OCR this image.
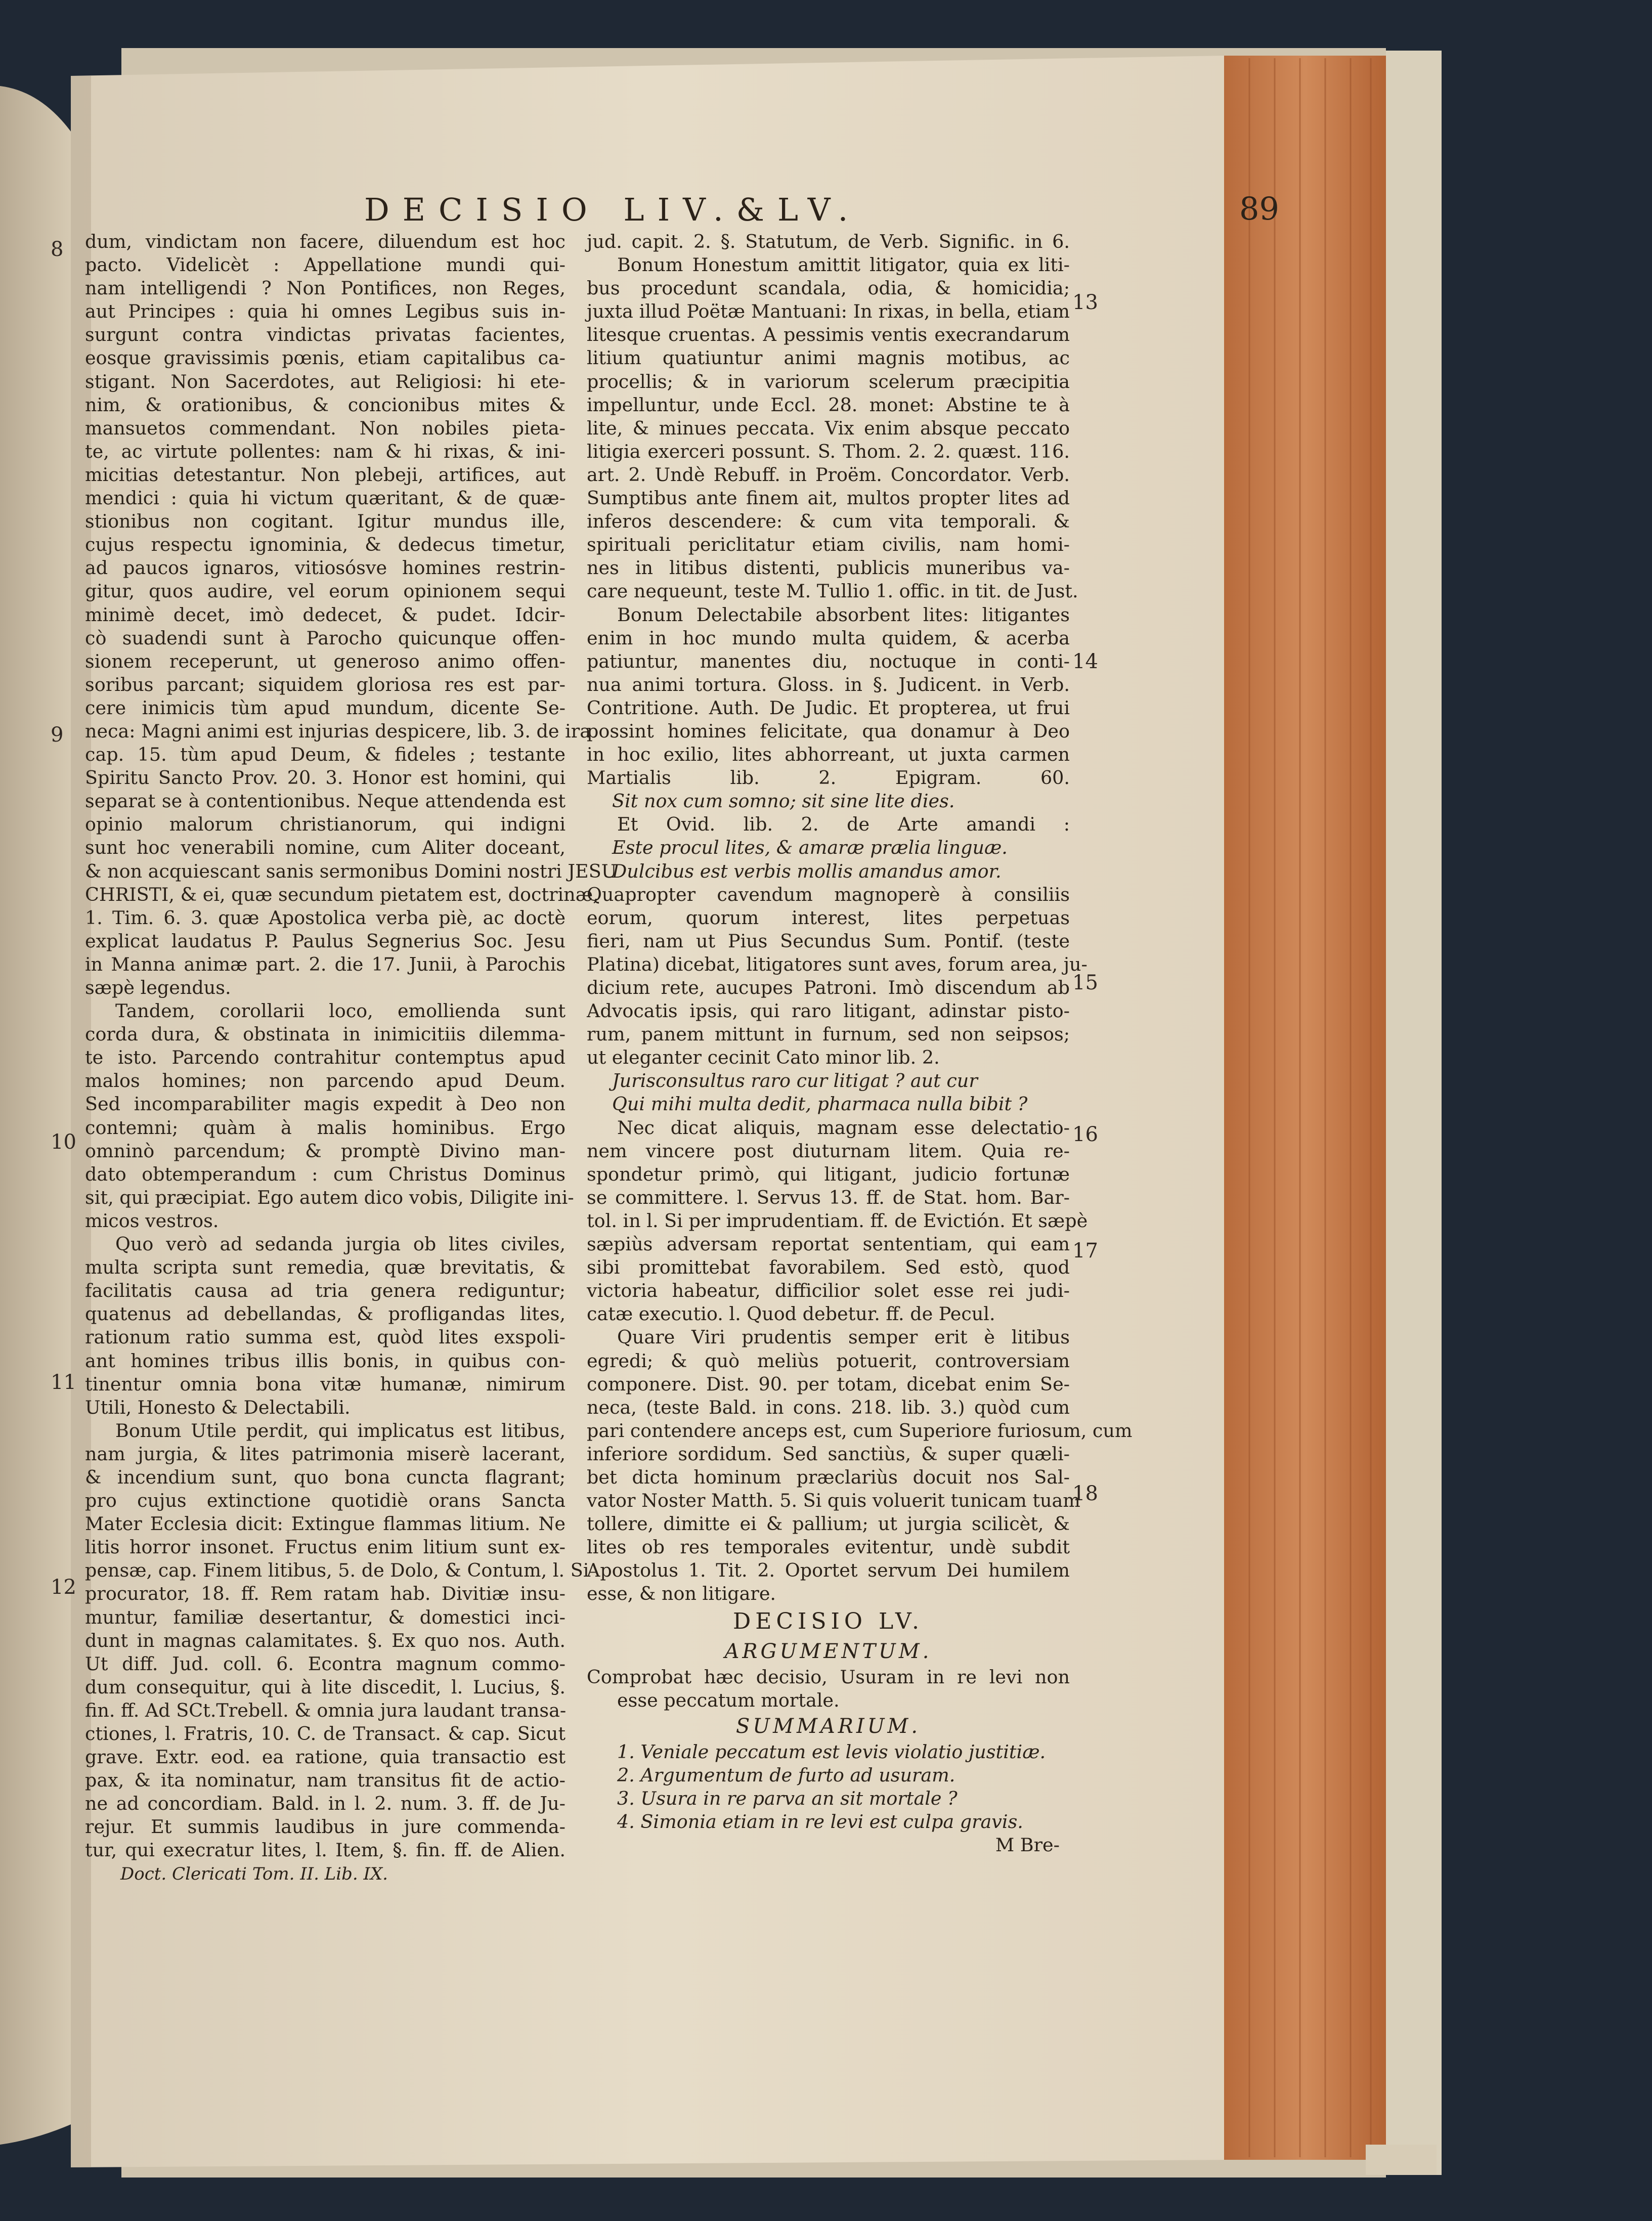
DECISIO LIV.&LV.	89
dum, vindictam non facere, diluendum est hoc
pacto. Videlicèt : Appellatione mundi qui-
nam intelligendi ? Non Pontifices, non Reges,
aut Principes : quia hi omnes Legibus suis in-
surgunt contra vindictas privatas facientes,
eosque gravissimis pœnis, etiam capitalibus ca-
stigant. Non Sacerdotes, aut Religiosi: hi ete-
nim, & orationibus, & concionibus mites &
mansuetos commendant. Non nobiles pieta-
te, ac virtute pollentes: nam & hi rixas, & ini-
micitias detestantur. Non plebeji, artifices, aut
mendici : quia hi victum quæritant, & de quæ-
stionibus non cogitant. Igitur mundus ille,
cujus respectu ignominia, & dedecus timetur,
ad paucos ignaros, vitiosósve homines restrin-
gitur, quos audire, vel eorum opinionem sequi
minimè decet, imò dedecet, & pudet. Idcir-
cò suadendi sunt à Parocho quicunque offen-
sionem receperunt, ut generoso animo offen-
soribus parcant; siquidem gloriosa res est par-
cere inimicis tùm apud mundum, dicente Se-
neca: Magni animi est injurias despicere, lib. 3. de ira
cap. 15. tùm apud Deum, & fideles ; testante
Spiritu Sancto Prov. 20. 3. Honor est homini, qui
separat se à contentionibus. Neque attendenda est
opinio malorum christianorum, qui indigni
sunt hoc venerabili nomine, cum Aliter doceant,
& non acquiescant sanis sermonibus Domini nostri JESU
CHRISTI, & ei, quæ secundum pietatem est, doctrinæ,
1. Tim. 6. 3. quæ Apostolica verba piè, ac doctè
explicat laudatus P. Paulus Segnerius Soc. Jesu
in Manna animæ part. 2. die 17. Junii, à Parochis
sæpè legendus.
Tandem, corollarii loco, emollienda sunt
corda dura, & obstinata in inimicitiis dilemma-
te isto. Parcendo contrahitur contemptus apud
malos homines; non parcendo apud Deum.
Sed incomparabiliter magis expedit à Deo non
contemni; quàm à malis hominibus. Ergo
omninò parcendum; & promptè Divino man-
dato obtemperandum : cum Christus Dominus
sit, qui præcipiat. Ego autem dico vobis, Diligite ini-
micos vestros.
Quo verò ad sedanda jurgia ob lites civiles,
multa scripta sunt remedia, quæ brevitatis, &
facilitatis causa ad tria genera rediguntur;
quatenus ad debellandas, & profligandas lites,
rationum ratio summa est, quòd lites exspoli-
ant homines tribus illis bonis, in quibus con-
tinentur omnia bona vitæ humanæ, nimirum
Utili, Honesto & Delectabili.
Bonum Utile perdit, qui implicatus est litibus,
nam jurgia, & lites patrimonia miserè lacerant,
& incendium sunt, quo bona cuncta flagrant;
pro cujus extinctione quotidiè orans Sancta
Mater Ecclesia dicit: Extingue flammas litium. Ne
litis horror insonet. Fructus enim litium sunt ex-
pensæ, cap. Finem litibus, 5. de Dolo, & Contum, l. Si
procurator, 18. ff. Rem ratam hab. Divitiæ insu-
muntur, familiæ desertantur, & domestici inci-
dunt in magnas calamitates. §. Ex quo nos. Auth.
Ut diff. Jud. coll. 6. Econtra magnum commo-
dum consequitur, qui à lite discedit, l. Lucius, §.
fin. ff. Ad SCt.Trebell. & omnia jura laudant transa-
ctiones, l. Fratris, 10. C. de Transact. & cap. Sicut
grave. Extr. eod. ea ratione, quia transactio est
pax, & ita nominatur, nam transitus fit de actio-
ne ad concordiam. Bald. in l. 2. num. 3. ff. de Ju-
rejur. Et summis laudibus in jure commenda-
tur, qui execratur lites, l. Item, §. fin. ff. de Alien.
Doct. Clericati Tom. II. Lib. IX.
jud. capit. 2. §. Statutum, de Verb. Signific. in 6.
Bonum Honestum amittit litigator, quia ex liti-
bus procedunt scandala, odia, & homicidia;
juxta illud Poëtæ Mantuani: In rixas, in bella, etiam
litesque cruentas. A pessimis ventis execrandarum
litium quatiuntur animi magnis motibus, ac
procellis; & in variorum scelerum præcipitia
impelluntur, unde Eccl. 28. monet: Abstine te à
lite, & minues peccata. Vix enim absque peccato
litigia exerceri possunt. S. Thom. 2. 2. quæst. 116.
art. 2. Undè Rebuff. in Proëm. Concordator. Verb.
Sumptibus ante finem ait, multos propter lites ad
inferos descendere: & cum vita temporali. &
spirituali periclitatur etiam civilis, nam homi-
nes in litibus distenti, publicis muneribus va-
care nequeunt, teste M. Tullio 1. offic. in tit. de Just.
Bonum Delectabile absorbent lites: litigantes
enim in hoc mundo multa quidem, & acerba
patiuntur, manentes diu, noctuque in conti-
nua animi tortura. Gloss. in §. Judicent. in Verb.
Contritione. Auth. De Judic. Et propterea, ut frui
possint homines felicitate, qua donamur à Deo
in hoc exilio, lites abhorreant, ut juxta carmen
Martialis lib. 2. Epigram. 60.
Sit nox cum somno; sit sine lite dies.
Et Ovid. lib. 2. de Arte amandi :
Este procul lites, & amaræ prælia linguæ.
Dulcibus est verbis mollis amandus amor.
Quapropter cavendum magnoperè à consiliis
eorum, quorum interest, lites perpetuas
fieri, nam ut Pius Secundus Sum. Pontif. (teste
Platina) dicebat, litigatores sunt aves, forum area, ju-
dicium rete, aucupes Patroni. Imò discendum ab
Advocatis ipsis, qui raro litigant, adinstar pisto-
rum, panem mittunt in furnum, sed non seipsos;
ut eleganter cecinit Cato minor lib. 2.
Jurisconsultus raro cur litigat ? aut cur
Qui mihi multa dedit, pharmaca nulla bibit ?
Nec dicat aliquis, magnam esse delectatio-
nem vincere post diuturnam litem. Quia re-
spondetur primò, qui litigant, judicio fortunæ
se committere. l. Servus 13. ff. de Stat. hom. Bar-
tol. in l. Si per imprudentiam. ff. de Evictión. Et sæpè
sæpiùs adversam reportat sententiam, qui eam
sibi promittebat favorabilem. Sed estò, quod
victoria habeatur, difficilior solet esse rei judi-
catæ executio. l. Quod debetur. ff. de Pecul.
Quare Viri prudentis semper erit è litibus
egredi; & quò meliùs potuerit, controversiam
componere. Dist. 90. per totam, dicebat enim Se-
neca, (teste Bald. in cons. 218. lib. 3.) quòd cum
pari contendere anceps est, cum Superiore furiosum, cum
inferiore sordidum. Sed sanctiùs, & super quæli-
bet dicta hominum præclariùs docuit nos Sal-
vator Noster Matth. 5. Si quis voluerit tunicam tuam
tollere, dimitte ei & pallium; ut jurgia scilicèt, &
lites ob res temporales evitentur, undè subdit
Apostolus 1. Tit. 2. Oportet servum Dei humilem
esse, & non litigare.
DECISIO LV.
ARGUMENTUM.
Comprobat hæc decisio, Usuram in re levi non
esse peccatum mortale.
SUMMARIUM.
1. Veniale peccatum est levis violatio justitiæ.
2. Argumentum de furto ad usuram.
3. Usura in re parva an sit mortale ?
4. Simonia etiam in re levi est culpa gravis.
M Bre-
8
9
10
11
12
13
14
15
16
17
18
